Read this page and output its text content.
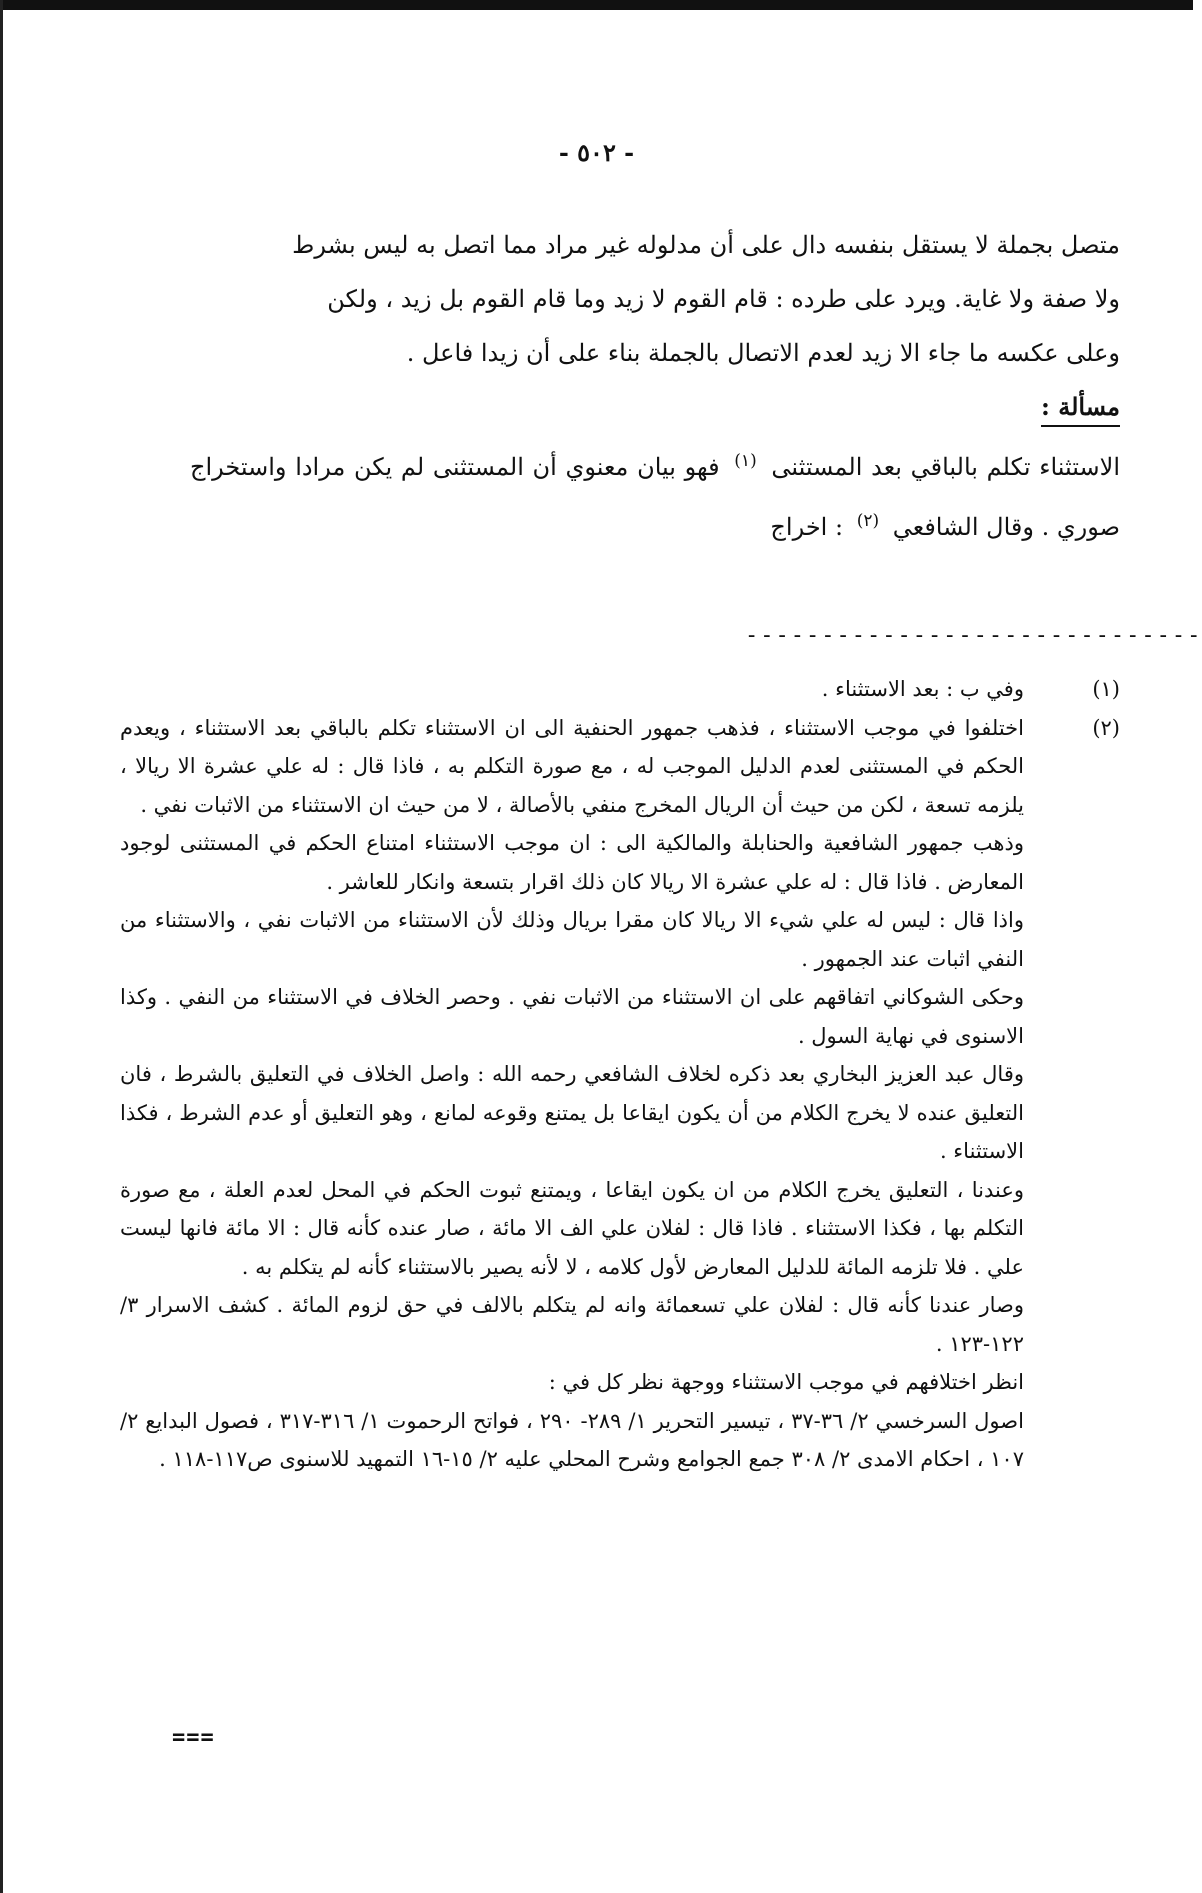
- ٥٠٢ -

متصل بجملة لا يستقل بنفسه دال على أن مدلوله غير مراد مما اتصل به ليس بشرط

ولا صفة ولا غاية. ويرد على طرده : قام القوم لا زيد وما قام القوم بل زيد ، ولكن

وعلى عكسه ما جاء الا زيد لعدم الاتصال بالجملة بناء على أن زيدا فاعل .

مسألة :

الاستثناء تكلم بالباقي بعد المستثنى $^{(١)}$ فهو بيان معنوي أن المستثنى لم يكن مرادا واستخراج صوري . وقال الشافعي $^{(٢)}$ : اخراج

------------------------------
(١)

وفي ب : بعد الاستثناء .

(٢)

اختلفوا في موجب الاستثناء ، فذهب جمهور الحنفية الى ان الاستثناء تكلم بالباقي بعد الاستثناء ، ويعدم الحكم في المستثنى لعدم الدليل الموجب له ، مع صورة التكلم به ، فاذا قال : له علي عشرة الا ريالا ، يلزمه تسعة ، لكن من حيث أن الريال المخرج منفي بالأصالة ، لا من حيث ان الاستثناء من الاثبات نفي .

وذهب جمهور الشافعية والحنابلة والمالكية الى : ان موجب الاستثناء امتناع الحكم في المستثنى لوجود المعارض . فاذا قال : له علي عشرة الا ريالا كان ذلك اقرار بتسعة وانكار للعاشر .

واذا قال : ليس له علي شيء الا ريالا كان مقرا بريال وذلك لأن الاستثناء من الاثبات نفي ، والاستثناء من النفي اثبات عند الجمهور .

وحكى الشوكاني اتفاقهم على ان الاستثناء من الاثبات نفي . وحصر الخلاف في الاستثناء من النفي . وكذا الاسنوى في نهاية السول .

وقال عبد العزيز البخاري بعد ذكره لخلاف الشافعي رحمه الله : واصل الخلاف في التعليق بالشرط ، فان التعليق عنده لا يخرج الكلام من أن يكون ايقاعا بل يمتنع وقوعه لمانع ، وهو التعليق أو عدم الشرط ، فكذا الاستثناء .

وعندنا ، التعليق يخرج الكلام من ان يكون ايقاعا ، ويمتنع ثبوت الحكم في المحل لعدم العلة ، مع صورة التكلم بها ، فكذا الاستثناء . فاذا قال : لفلان علي الف الا مائة ، صار عنده كأنه قال : الا مائة فانها ليست علي . فلا تلزمه المائة للدليل المعارض لأول كلامه ، لا لأنه يصير بالاستثناء كأنه لم يتكلم به .

وصار عندنا كأنه قال : لفلان علي تسعمائة وانه لم يتكلم بالالف في حق لزوم المائة . كشف الاسرار ٣/ ١٢٢-١٢٣ .

انظر اختلافهم في موجب الاستثناء ووجهة نظر كل في :

اصول السرخسي ٢/ ٣٦-٣٧ ، تيسير التحرير ١/ ٢٨٩- ٢٩٠ ، فواتح الرحموت ١/ ٣١٦-٣١٧ ، فصول البدايع ٢/ ١٠٧ ، احكام الامدى ٢/ ٣٠٨ جمع الجوامع وشرح المحلي عليه ٢/ ١٥-١٦ التمهيد للاسنوى ص١١٧-١١٨ .

===
